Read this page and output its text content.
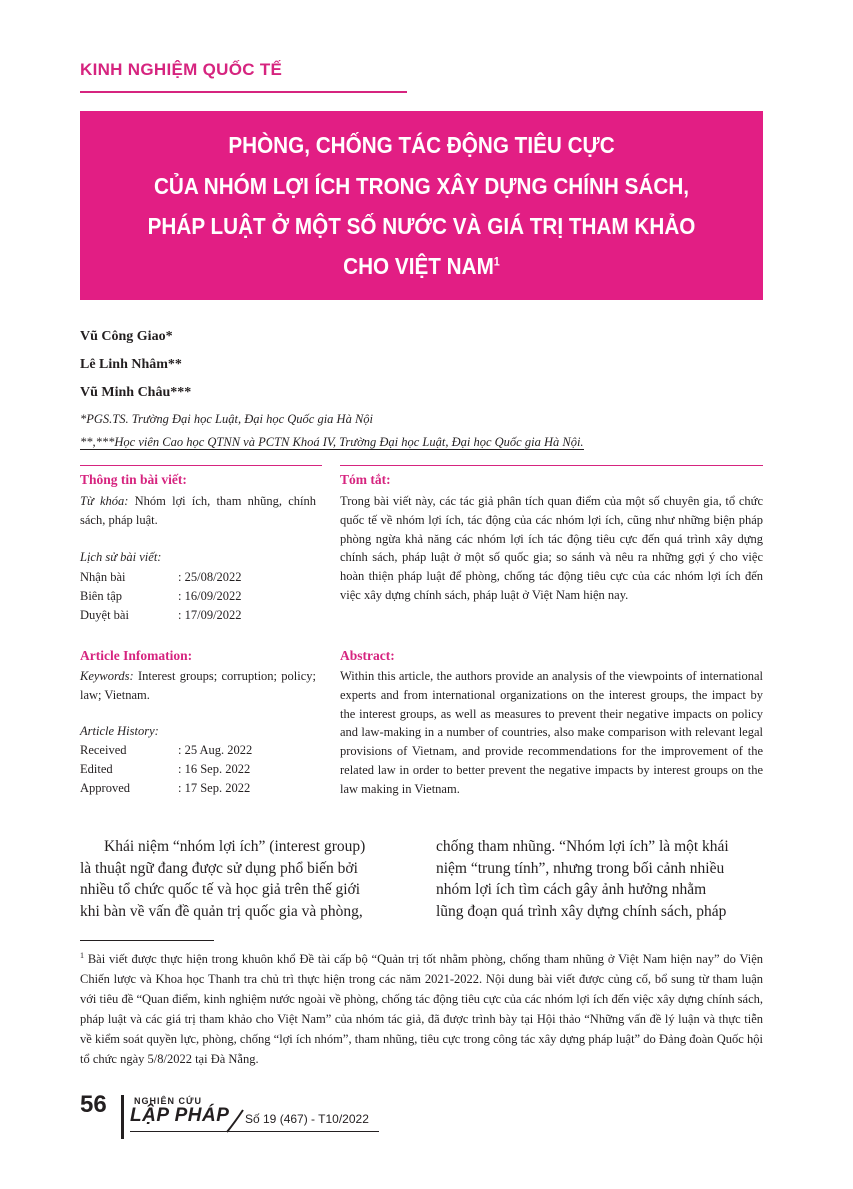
KINH NGHIỆM QUỐC TẾ
PHÒNG, CHỐNG TÁC ĐỘNG TIÊU CỰC
CỦA NHÓM LỢI ÍCH TRONG XÂY DỰNG CHÍNH SÁCH,
PHÁP LUẬT Ở MỘT SỐ NƯỚC VÀ GIÁ TRỊ THAM KHẢO
CHO VIỆT NAM$^1$
Vũ Công Giao*
Lê Linh Nhâm**
Vũ Minh Châu***
*PGS.TS. Trường Đại học Luật, Đại học Quốc gia Hà Nội
**,***Học viên Cao học QTNN và PCTN Khoá IV, Trường Đại học Luật, Đại học Quốc gia Hà Nội.
Thông tin bài viết:
Từ khóa: Nhóm lợi ích, tham nhũng, chính sách, pháp luật.
Lịch sử bài viết:
Nhận bài	: 25/08/2022
Biên tập	: 16/09/2022
Duyệt bài	: 17/09/2022
Tóm tắt:
Trong bài viết này, các tác giả phân tích quan điểm của một số chuyên gia, tổ chức quốc tế về nhóm lợi ích, tác động của các nhóm lợi ích, cũng như những biện pháp phòng ngừa khả năng các nhóm lợi ích tác động tiêu cực đến quá trình xây dựng chính sách, pháp luật ở một số quốc gia; so sánh và nêu ra những gợi ý cho việc hoàn thiện pháp luật để phòng, chống tác động tiêu cực của các nhóm lợi ích đến việc xây dựng chính sách, pháp luật ở Việt Nam hiện nay.
Article Infomation:
Keywords: Interest groups; corruption; policy; law; Vietnam.
Article History:
Received	: 25 Aug. 2022
Edited	: 16 Sep. 2022
Approved	: 17 Sep. 2022
Abstract:
Within this article, the authors provide an analysis of the viewpoints of international experts and from international organizations on the interest groups, the impact by the interest groups, as well as measures to prevent their negative impacts on policy and law-making in a number of countries, also make comparison with relevant legal provisions of Vietnam, and provide recommendations for the improvement of the related law in order to better prevent the negative impacts by interest groups on the law making in Vietnam.
Khái niệm “nhóm lợi ích” (interest group)
là thuật ngữ đang được sử dụng phổ biến bởi
nhiều tổ chức quốc tế và học giả trên thế giới
khi bàn về vấn đề quản trị quốc gia và phòng,
chống tham nhũng. “Nhóm lợi ích” là một khái
niệm “trung tính”, nhưng trong bối cảnh nhiều
nhóm lợi ích tìm cách gây ảnh hưởng nhằm
lũng đoạn quá trình xây dựng chính sách, pháp
$^1$ Bài viết được thực hiện trong khuôn khổ Đề tài cấp bộ “Quản trị tốt nhằm phòng, chống tham nhũng ở Việt Nam hiện nay” do Viện Chiến lược và Khoa học Thanh tra chủ trì thực hiện trong các năm 2021-2022. Nội dung bài viết được củng cố, bổ sung từ tham luận với tiêu đề “Quan điểm, kinh nghiệm nước ngoài về phòng, chống tác động tiêu cực của các nhóm lợi ích đến việc xây dựng chính sách, pháp luật và các giá trị tham khảo cho Việt Nam” của nhóm tác giả, đã được trình bày tại Hội thảo “Những vấn đề lý luận và thực tiễn về kiểm soát quyền lực, phòng, chống “lợi ích nhóm”, tham nhũng, tiêu cực trong công tác xây dựng pháp luật” do Đảng đoàn Quốc hội tổ chức ngày 5/8/2022 tại Đà Nẵng.
56	NGHIÊN CỨU
LẬP PHÁP Số 19 (467) - T10/2022
